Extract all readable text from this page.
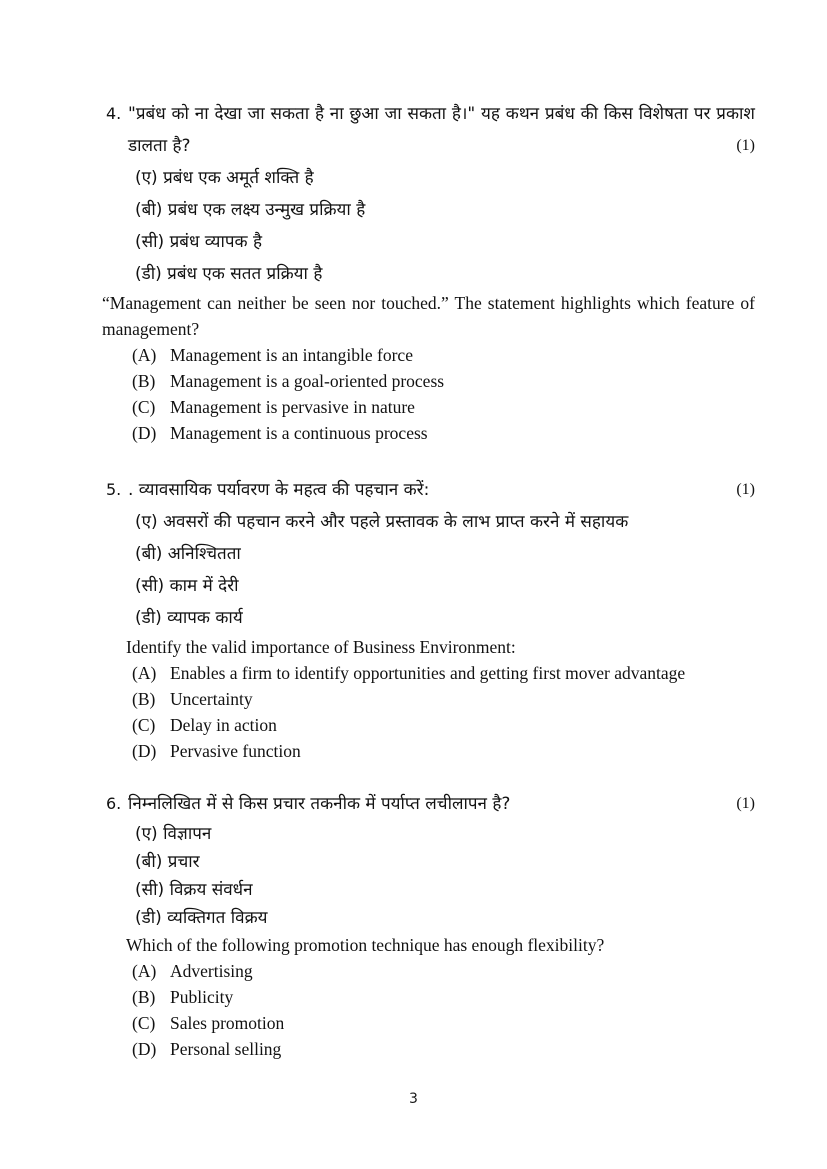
4. "प्रबंध को ना देखा जा सकता है ना छुआ जा सकता है।" यह कथन प्रबंध की किस विशेषता पर प्रकाश डालता है?	(1)
(ए) प्रबंध एक अमूर्त शक्ति है
(बी) प्रबंध एक लक्ष्य उन्मुख प्रक्रिया है
(सी) प्रबंध व्यापक है
(डी) प्रबंध एक सतत प्रक्रिया है
“Management can neither be seen nor touched.” The statement highlights which feature of management?
(A) Management is an intangible force
(B) Management is a goal-oriented process
(C) Management is pervasive in nature
(D) Management is a continuous process
5. . व्यावसायिक पर्यावरण के महत्व की पहचान करें:	(1)
(ए) अवसरों की पहचान करने और पहले प्रस्तावक के लाभ प्राप्त करने में सहायक
(बी) अनिश्चितता
(सी) काम में देरी
(डी) व्यापक कार्य
Identify the valid importance of Business Environment:
(A) Enables a firm to identify opportunities and getting first mover advantage
(B) Uncertainty
(C) Delay in action
(D) Pervasive function
6. निम्नलिखित में से किस प्रचार तकनीक में पर्याप्त लचीलापन है?	(1)
(ए) विज्ञापन
(बी) प्रचार
(सी) विक्रय संवर्धन
(डी) व्यक्तिगत विक्रय
Which of the following promotion technique has enough flexibility?
(A) Advertising
(B) Publicity
(C) Sales promotion
(D) Personal selling
3
